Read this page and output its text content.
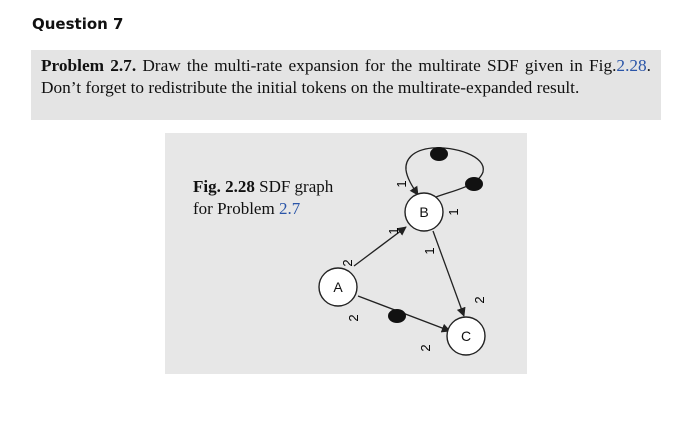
Question 7
Problem 2.7. Draw the multi-rate expansion for the multirate SDF given in Fig.2.28. Don’t forget to redistribute the initial tokens on the multirate-expanded result.
Fig. 2.28 SDF graph
for Problem 2.7
A
B
C
2
1
2
2
1
2
1
1
